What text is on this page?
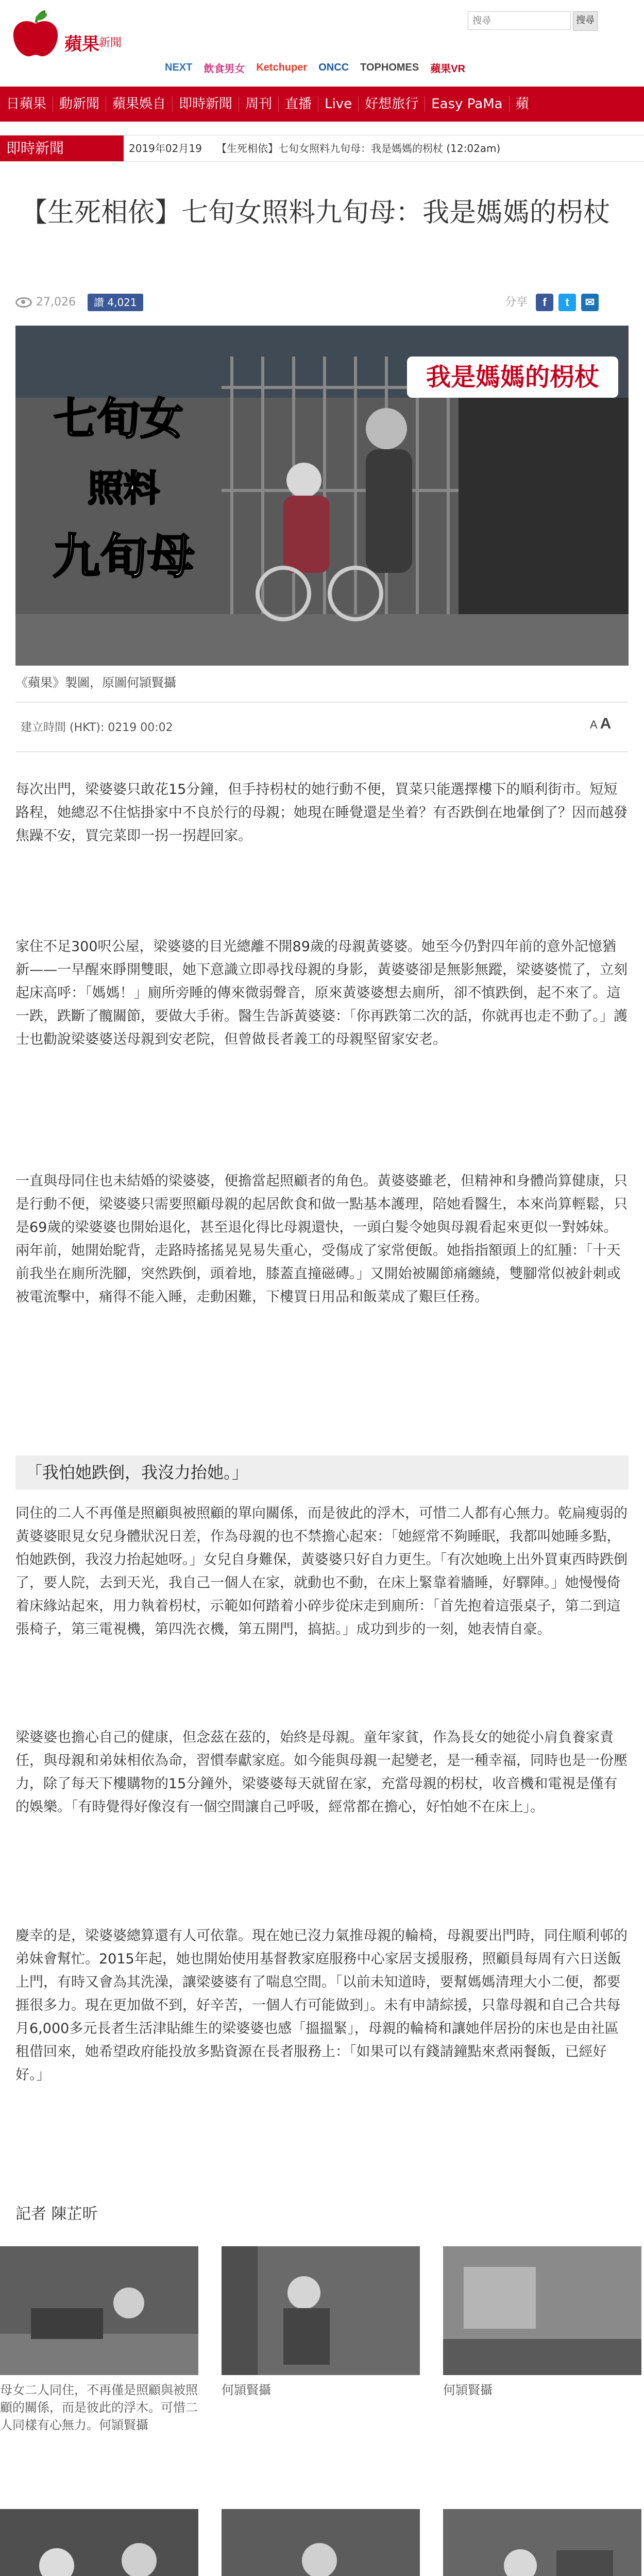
蘋果 新聞
搜尋
搜尋
NEXT 飲食男女 Ketchuper ONCC TOPHOMES 蘋果VR
日蘋果 動新聞 蘋果娛自 即時新聞 周刊 直播 Live 好想旅行 Easy PaMa 蘋
即時新聞	2019年02月19 【生死相依】七旬女照料九旬母：我是媽媽的枴杖 (12:02am)
【生死相依】七旬女照料九旬母：我是媽媽的枴杖
27,026	讚 4,021	分享	f	t	✉
我是媽媽的枴杖
七旬女
照料
九旬母
《蘋果》製圖，原圖何頴賢攝
建立時間 (HKT): 0219 00:02	A A
每次出門，梁婆婆只敢花15分鐘，但手持枴杖的她行動不便，買菜只能選擇樓下的順利街市。短短路程，她總忍不住惦掛家中不良於行的母親；她現在睡覺還是坐着？有否跌倒在地暈倒了？因而越發焦躁不安，買完菜即一拐一拐趕回家。
家住不足300呎公屋，梁婆婆的目光總離不開89歲的母親黃婆婆。她至今仍對四年前的意外記憶猶新——一早醒來睜開雙眼，她下意識立即尋找母親的身影，黃婆婆卻是無影無蹤，梁婆婆慌了，立刻起床高呼：「媽媽！」廁所旁睡的傳來微弱聲音，原來黃婆婆想去廁所，卻不慎跌倒，起不來了。這一跌，跌斷了髖關節，要做大手術。醫生告訴黃婆婆：「你再跌第二次的話，你就再也走不動了。」護士也勸說梁婆婆送母親到安老院，但曾做長者義工的母親堅留家安老。
一直與母同住也未結婚的梁婆婆，便擔當起照顧者的角色。黃婆婆雖老，但精神和身體尚算健康，只是行動不便，梁婆婆只需要照顧母親的起居飲食和做一點基本護理，陪她看醫生，本來尚算輕鬆，只是69歲的梁婆婆也開始退化，甚至退化得比母親還快，一頭白髮令她與母親看起來更似一對姊妹。兩年前，她開始駝背，走路時搖搖晃晃易失重心，受傷成了家常便飯。她指指額頭上的紅腫：「十天前我坐在廁所洗腳，突然跌倒，頭着地，膝蓋直撞磁磚。」又開始被關節痛纏繞，雙腳常似被針刺或被電流擊中，痛得不能入睡，走動困難，下樓買日用品和飯菜成了艱巨任務。
「我怕她跌倒，我沒力抬她。」
同住的二人不再僅是照顧與被照顧的單向關係，而是彼此的浮木，可惜二人都有心無力。乾扁瘦弱的黃婆婆眼見女兒身體狀況日差，作為母親的也不禁擔心起來：「她經常不夠睡眠，我都叫她睡多點，怕她跌倒，我沒力抬起她呀。」女兒自身難保，黃婆婆只好自力更生。「有次她晚上出外買東西時跌倒了，要人院，去到天光，我自己一個人在家，就動也不動，在床上緊靠着牆睡，好驛陣。」她慢慢倚着床緣站起來，用力執着枴杖，示範如何踏着小碎步從床走到廁所：「首先抱着這張桌子，第二到這張椅子，第三電視機，第四洗衣機，第五開門，搞掂。」成功到步的一刻，她表情自豪。
梁婆婆也擔心自己的健康，但念茲在茲的，始終是母親。童年家貧，作為長女的她從小肩負養家責任，與母親和弟妹相依為命，習慣奉獻家庭。如今能與母親一起變老，是一種幸福，同時也是一份壓力，除了每天下樓購物的15分鐘外，梁婆婆每天就留在家，充當母親的枴杖，收音機和電視是僅有的娛樂。「有時覺得好像沒有一個空間讓自己呼吸，經常都在擔心，好怕她不在床上」。
慶幸的是，梁婆婆總算還有人可依靠。現在她已沒力氣推母親的輪椅，母親要出門時，同住順利邨的弟妹會幫忙。2015年起，她也開始使用基督教家庭服務中心家居支援服務，照顧員每周有六日送飯上門，有時又會為其洗澡，讓梁婆婆有了喘息空間。「以前未知道時，要幫媽媽清理大小二便，都要捱很多力。現在更加做不到，好辛苦，一個人冇可能做到」。未有申請綜援，只靠母親和自己合共每月6,000多元長者生活津貼維生的梁婆婆也感「搵搵緊」，母親的輪椅和讓她伴居扮的床也是由社區租借回來，她希望政府能投放多點資源在長者服務上：「如果可以有錢請鐘點來煮兩餐飯，已經好好。」
記者 陳芷昕
母女二人同住，不再僅是照顧與被照顧的關係，而是彼此的浮木。可惜二人同樣有心無力。何頴賢攝
何頴賢攝	何頴賢攝
